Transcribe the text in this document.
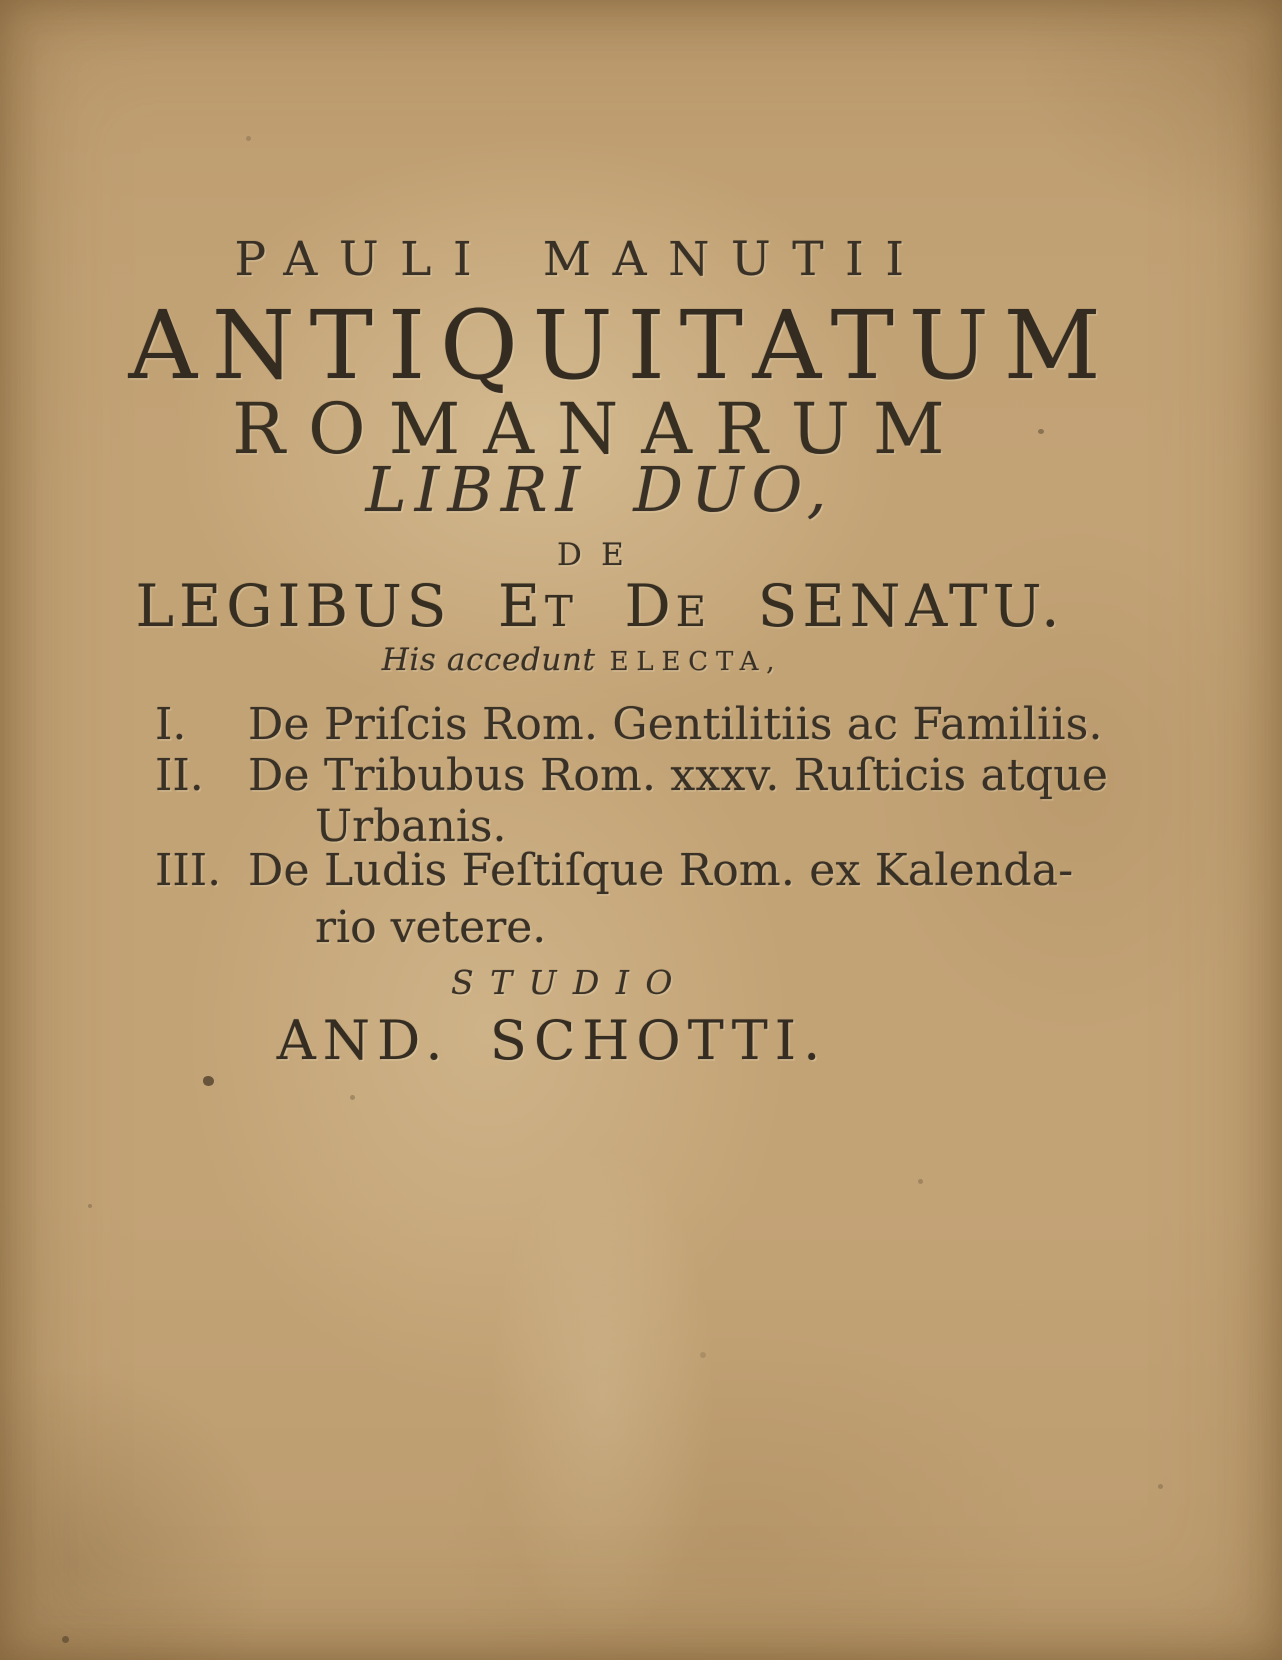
PAULI MANUTII
ANTIQUITATUM
ROMANARUM
LIBRI DUO,
DE
LEGIBUS ET DE SENATU.
His accedunt ELECTA,
I. De Priſcis Rom. Gentilitiis ac Familiis.
II. De Tribubus Rom. xxxv. Ruſticis atque
Urbanis.
III. De Ludis Feſtiſque Rom. ex Kalenda-
rio vetere.
STUDIO
AND. SCHOTTI.
